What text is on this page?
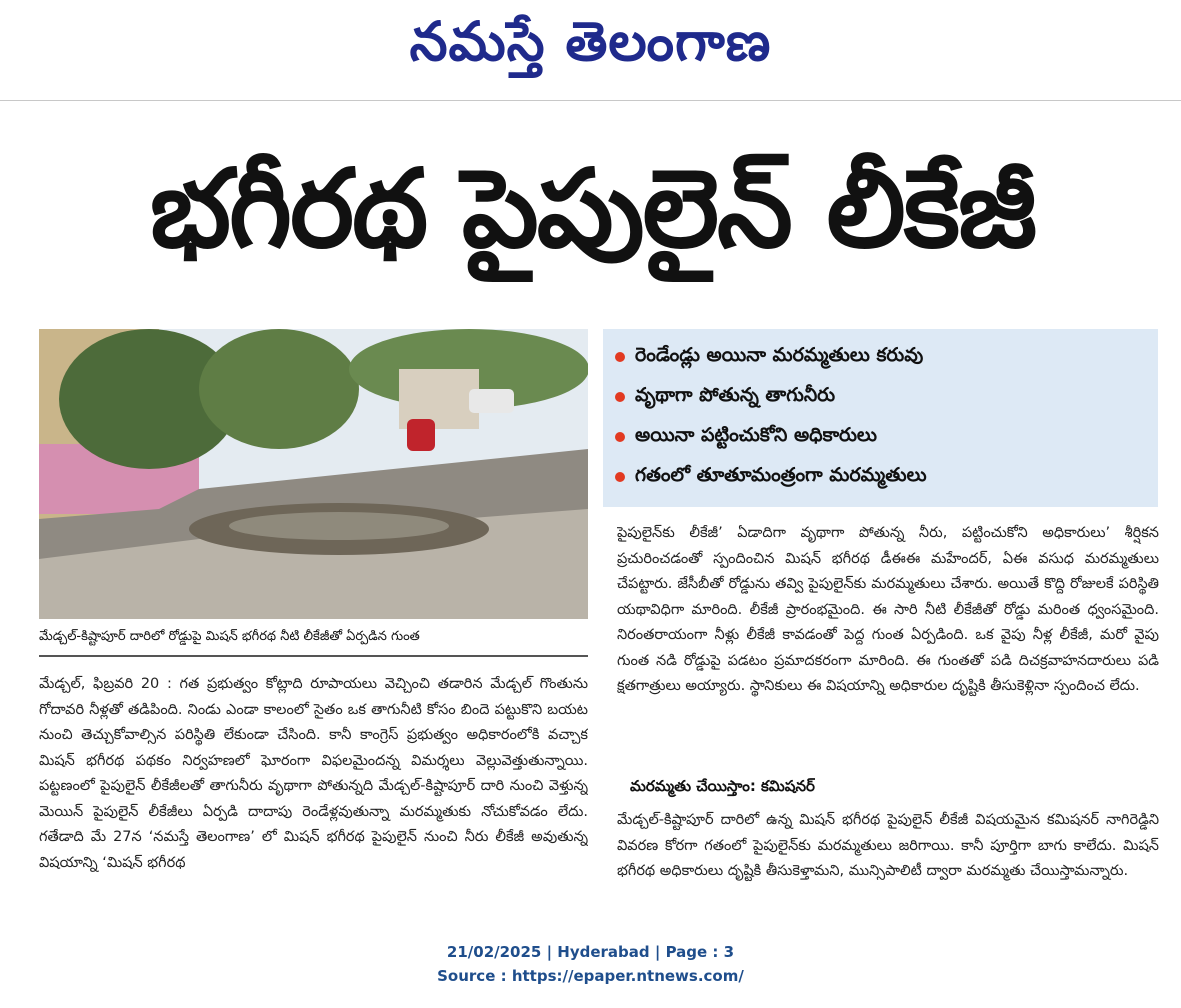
నమస్తే తెలంగాణ
భగీరథ పైపులైన్ లీకేజీ
మేడ్చల్‌-కిష్టాపూర్‌ దారిలో రోడ్డుపై మిషన్‌ భగీరథ నీటి లీకేజీతో ఏర్పడిన గుంత
రెండేండ్లు అయినా మరమ్మతులు కరువు
వృథాగా పోతున్న తాగునీరు
అయినా పట్టించుకోని అధికారులు
గతంలో తూతూమంత్రంగా మరమ్మతులు
మేడ్చల్‌, ఫిబ్రవరి 20 : గత ప్రభుత్వం కోట్లాది రూపాయలు వెచ్చించి తడారిన మేడ్చల్‌ గొంతును గోదావరి నీళ్లతో తడిపింది. నిండు ఎండా కాలంలో సైతం ఒక తాగునీటి కోసం బిందె పట్టుకొని బయట నుంచి తెచ్చుకోవాల్సిన పరిస్థితి లేకుండా చేసింది. కానీ కాంగ్రెస్‌ ప్రభుత్వం అధికారంలోకి వచ్చాక మిషన్‌ భగీరథ పథకం నిర్వహణలో ఘోరంగా విఫలమైందన్న విమర్శలు వెల్లువెత్తుతున్నాయి. పట్టణంలో పైపులైన్‌ లీకేజీలతో తాగునీరు వృథాగా పోతున్నది మేడ్చల్‌-కిష్టాపూర్‌ దారి నుంచి వెళ్తున్న మెయిన్‌ పైపులైన్‌ లీకేజీలు ఏర్పడి దాదాపు రెండేళ్లవుతున్నా మరమ్మతుకు నోచుకోవడం లేదు. గతేడాది మే 27న ‘నమస్తే తెలంగాణ’ లో మిషన్‌ భగీరథ పైపులైన్‌ నుంచి నీరు లీకేజీ అవుతున్న విషయాన్ని ‘మిషన్‌ భగీరథ
పైపులైన్‌కు లీకేజీ’ ఏడాదిగా వృథాగా పోతున్న నీరు, పట్టించుకోని అధికారులు’ శీర్షికన ప్రచురించడంతో స్పందించిన మిషన్‌ భగీరథ డీఈఈ మహేందర్‌, ఏఈ వసుధ మరమ్మతులు చేపట్టారు. జేసీబీతో రోడ్డును తవ్వి పైపులైన్‌కు మరమ్మతులు చేశారు. అయితే కొద్ది రోజులకే పరిస్థితి యథావిధిగా మారింది. లీకేజీ ప్రారంభమైంది. ఈ సారి నీటి లీకేజీతో రోడ్డు మరింత ధ్వంసమైంది. నిరంతరాయంగా నీళ్లు లీకేజీ కావడంతో పెద్ద గుంత ఏర్పడింది. ఒక వైపు నీళ్ల లీకేజీ, మరో వైపు గుంత నడి రోడ్డుపై పడటం ప్రమాదకరంగా మారింది. ఈ గుంతతో పడి దిచక్రవాహనదారులు పడి క్షతగాత్రులు అయ్యారు. స్థానికులు ఈ విషయాన్ని అధికారుల దృష్టికి తీసుకెళ్లినా స్పందించ లేదు.
మరమ్మతు చేయిస్తాం: కమిషనర్‌
మేడ్చల్‌-కిష్టాపూర్‌ దారిలో ఉన్న మిషన్‌ భగీరథ పైపులైన్‌ లీకేజీ విషయమైన కమిషనర్‌ నాగిరెడ్డిని వివరణ కోరగా గతంలో పైపులైన్‌కు మరమ్మతులు జరిగాయి. కానీ పూర్తిగా బాగు కాలేదు. మిషన్‌ భగీరథ అధికారులు దృష్టికి తీసుకెళ్తామని, మున్సిపాలిటీ ద్వారా మరమ్మతు చేయిస్తామన్నారు.
21/02/2025 | Hyderabad | Page : 3
Source : https://epaper.ntnews.com/
